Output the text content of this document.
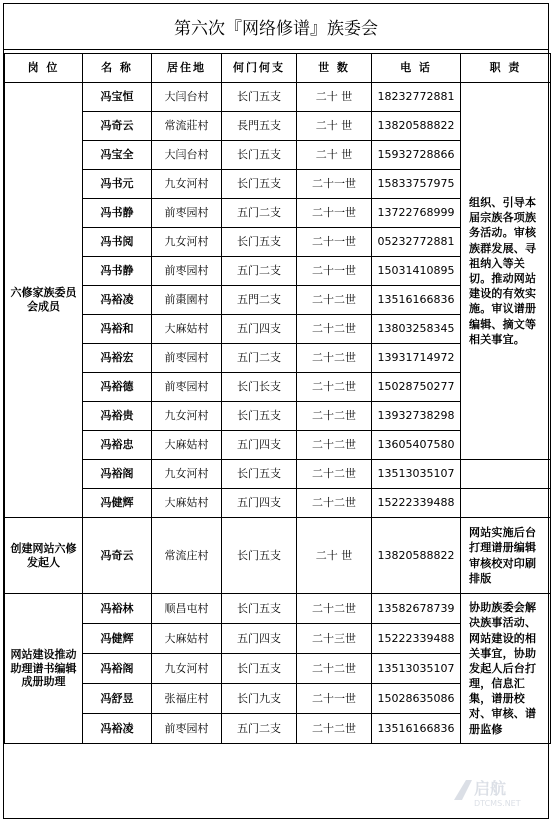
第六次『网络修谱』族委会
岗 位	名 称	居住地	何门何支	世 数	电 话	职 责
六修家族委员会成员	冯宝恒	大闫台村	长门五支	二十 世	18232772881	组织、引导本届宗族各项族务活动。审核族群发展、寻祖纳入等关切。推动网站建设的有效实施。审议谱册编辑、摘文等相关事宜。
	冯奇云	常流莊村	長門五支	二十 世	13820588822	
	冯宝全	大闫台村	长门五支	二十 世	15932728866	
	冯书元	九女河村	长门五支	二十一世	15833757975	
	冯书静	前枣园村	五门二支	二十一世	13722768999	
	冯书阅	九女河村	长门五支	二十一世	05232772881	
	冯书静	前枣园村	五门二支	二十一世	15031410895	
	冯裕凌	前棗園村	五門二支	二十二世	13516166836	
	冯裕和	大麻姑村	五门四支	二十二世	13803258345	
	冯裕宏	前枣园村	五门二支	二十二世	13931714972	
	冯裕德	前枣园村	长门长支	二十二世	15028750277	
	冯裕贵	九女河村	长门五支	二十二世	13932738298	
	冯裕忠	大麻姑村	五门四支	二十二世	13605407580	
	冯裕阁	九女河村	长门五支	二十二世	13513035107	
	冯健辉	大麻姑村	五门四支	二十二世	15222339488	
创建网站六修发起人	冯奇云	常流庄村	长门五支	二十 世	13820588822	网站实施后台打理谱册编辑审核校对印刷排版
网站建设推动助理谱书编辑成册助理	冯裕林	顺昌屯村	长门五支	二十二世	13582678739	协助族委会解决族事活动、网站建设的相关事宜，协助发起人后台打理，信息汇集，谱册校对、审核、谱册监修
	冯健辉	大麻姑村	五门四支	二十三世	15222339488	
	冯裕阁	九女河村	长门五支	二十二世	13513035107	
	冯舒昱	张福庄村	长门九支	二十一世	15028635086	
	冯裕凌	前枣园村	五门二支	二十二世	13516166836	
启航
DTCMS.NET
